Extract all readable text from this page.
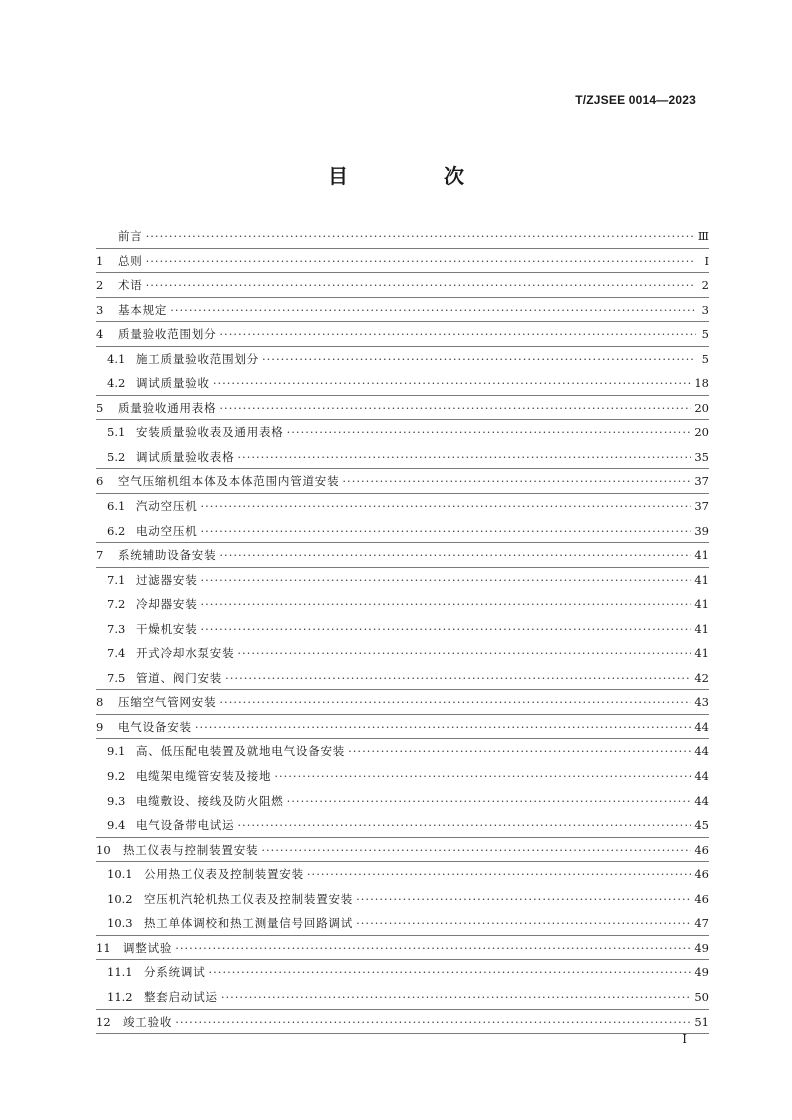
T/ZJSEE 0014—2023
目　次
前言 ·····	Ⅲ
1	总则 ·····	Ⅰ
2	术语 ·····	2
3	基本规定 ·····	3
4	质量验收范围划分 ·····	5
4.1 施工质量验收范围划分 ·····	5
4.2 调试质量验收 ·····	18
5	质量验收通用表格 ·····	20
5.1 安装质量验收表及通用表格 ·····	20
5.2 调试质量验收表格 ·····	35
6	空气压缩机组本体及本体范围内管道安装 ·····	37
6.1 汽动空压机 ·····	37
6.2 电动空压机 ·····	39
7	系统辅助设备安装 ·····	41
7.1 过滤器安装 ·····	41
7.2 冷却器安装 ·····	41
7.3 干燥机安装 ·····	41
7.4 开式冷却水泵安装 ·····	41
7.5 管道、阀门安装 ·····	42
8	压缩空气管网安装 ·····	43
9	电气设备安装 ·····	44
9.1 高、低压配电装置及就地电气设备安装 ·····	44
9.2 电缆架电缆管安装及接地 ·····	44
9.3 电缆敷设、接线及防火阻燃 ·····	44
9.4 电气设备带电试运 ·····	45
10	热工仪表与控制装置安装 ·····	46
10.1 公用热工仪表及控制装置安装 ·····	46
10.2 空压机汽轮机热工仪表及控制装置安装 ·····	46
10.3 热工单体调校和热工测量信号回路调试 ·····	47
11	调整试验 ·····	49
11.1 分系统调试 ·····	49
11.2 整套启动试运 ·····	50
12	竣工验收 ·····	51
Ⅰ
